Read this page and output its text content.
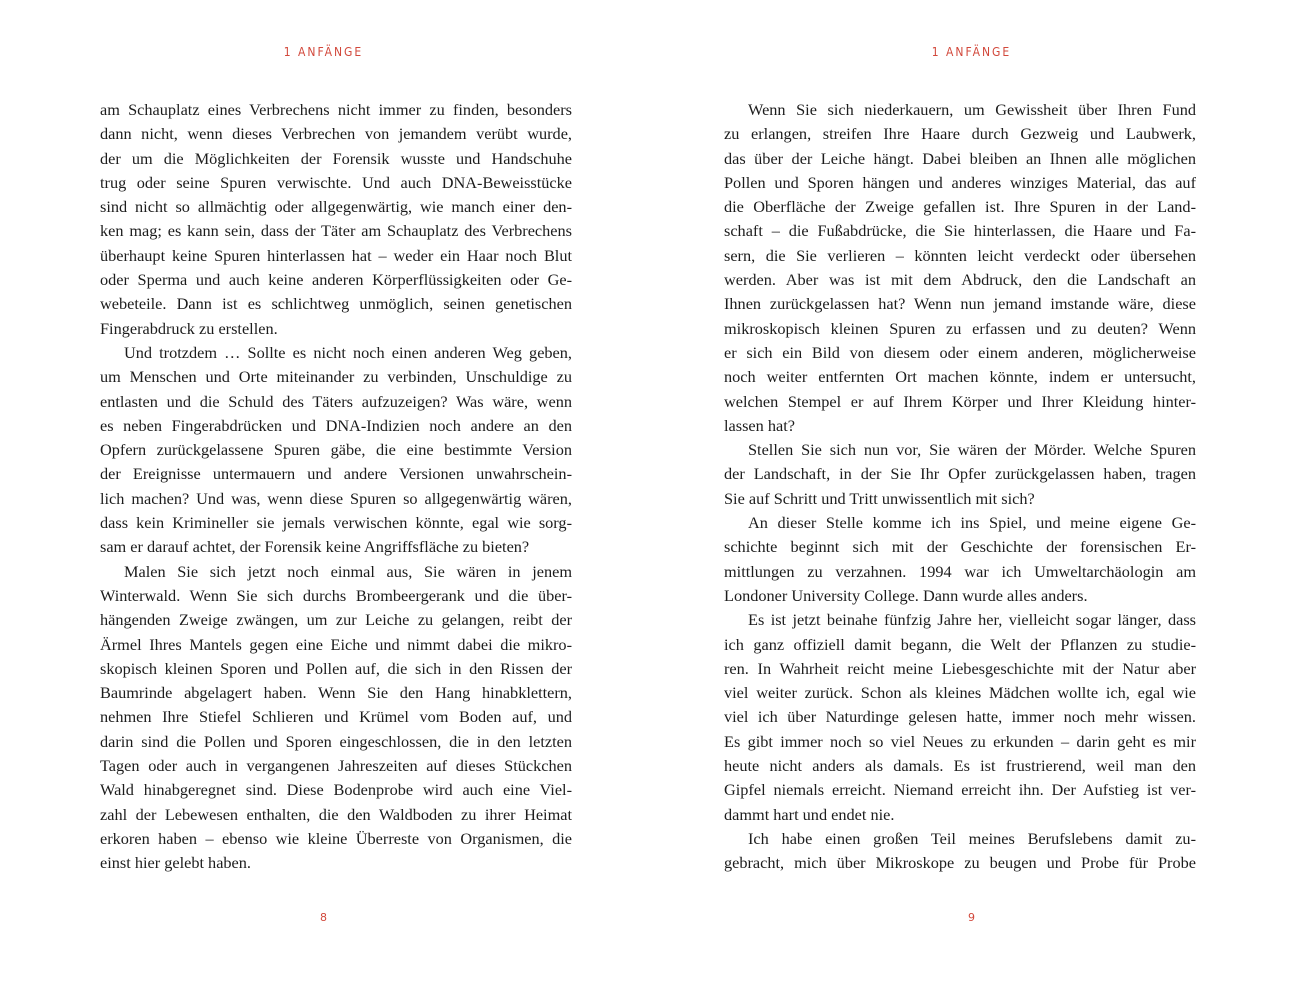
1 ANFÄNGE
am Schauplatz eines Verbrechens nicht immer zu finden, besonders
dann nicht, wenn dieses Verbrechen von jemandem verübt wurde,
der um die Möglichkeiten der Forensik wusste und Handschuhe
trug oder seine Spuren verwischte. Und auch DNA-Beweisstücke
sind nicht so allmächtig oder allgegenwärtig, wie manch einer den-
ken mag; es kann sein, dass der Täter am Schauplatz des Verbrechens
überhaupt keine Spuren hinterlassen hat – weder ein Haar noch Blut
oder Sperma und auch keine anderen Körperflüssigkeiten oder Ge-
webeteile. Dann ist es schlichtweg unmöglich, seinen genetischen
Fingerabdruck zu erstellen.
Und trotzdem … Sollte es nicht noch einen anderen Weg geben,
um Menschen und Orte miteinander zu verbinden, Unschuldige zu
entlasten und die Schuld des Täters aufzuzeigen? Was wäre, wenn
es neben Fingerabdrücken und DNA-Indizien noch andere an den
Opfern zurückgelassene Spuren gäbe, die eine bestimmte Version
der Ereignisse untermauern und andere Versionen unwahrschein-
lich machen? Und was, wenn diese Spuren so allgegenwärtig wären,
dass kein Krimineller sie jemals verwischen könnte, egal wie sorg-
sam er darauf achtet, der Forensik keine Angriffsfläche zu bieten?
Malen Sie sich jetzt noch einmal aus, Sie wären in jenem
Winterwald. Wenn Sie sich durchs Brombeergerank und die über-
hängenden Zweige zwängen, um zur Leiche zu gelangen, reibt der
Ärmel Ihres Mantels gegen eine Eiche und nimmt dabei die mikro-
skopisch kleinen Sporen und Pollen auf, die sich in den Rissen der
Baumrinde abgelagert haben. Wenn Sie den Hang hinabklettern,
nehmen Ihre Stiefel Schlieren und Krümel vom Boden auf, und
darin sind die Pollen und Sporen eingeschlossen, die in den letzten
Tagen oder auch in vergangenen Jahreszeiten auf dieses Stückchen
Wald hinabgeregnet sind. Diese Bodenprobe wird auch eine Viel-
zahl der Lebewesen enthalten, die den Waldboden zu ihrer Heimat
erkoren haben – ebenso wie kleine Überreste von Organismen, die
einst hier gelebt haben.
8
1 ANFÄNGE
Wenn Sie sich niederkauern, um Gewissheit über Ihren Fund
zu erlangen, streifen Ihre Haare durch Gezweig und Laubwerk,
das über der Leiche hängt. Dabei bleiben an Ihnen alle möglichen
Pollen und Sporen hängen und anderes winziges Material, das auf
die Oberfläche der Zweige gefallen ist. Ihre Spuren in der Land-
schaft – die Fußabdrücke, die Sie hinterlassen, die Haare und Fa-
sern, die Sie verlieren – könnten leicht verdeckt oder übersehen
werden. Aber was ist mit dem Abdruck, den die Landschaft an
Ihnen zurückgelassen hat? Wenn nun jemand imstande wäre, diese
mikroskopisch kleinen Spuren zu erfassen und zu deuten? Wenn
er sich ein Bild von diesem oder einem anderen, möglicherweise
noch weiter entfernten Ort machen könnte, indem er untersucht,
welchen Stempel er auf Ihrem Körper und Ihrer Kleidung hinter-
lassen hat?
Stellen Sie sich nun vor, Sie wären der Mörder. Welche Spuren
der Landschaft, in der Sie Ihr Opfer zurückgelassen haben, tragen
Sie auf Schritt und Tritt unwissentlich mit sich?
An dieser Stelle komme ich ins Spiel, und meine eigene Ge-
schichte beginnt sich mit der Geschichte der forensischen Er-
mittlungen zu verzahnen. 1994 war ich Umweltarchäologin am
Londoner University College. Dann wurde alles anders.
Es ist jetzt beinahe fünfzig Jahre her, vielleicht sogar länger, dass
ich ganz offiziell damit begann, die Welt der Pflanzen zu studie-
ren. In Wahrheit reicht meine Liebesgeschichte mit der Natur aber
viel weiter zurück. Schon als kleines Mädchen wollte ich, egal wie
viel ich über Naturdinge gelesen hatte, immer noch mehr wissen.
Es gibt immer noch so viel Neues zu erkunden – darin geht es mir
heute nicht anders als damals. Es ist frustrierend, weil man den
Gipfel niemals erreicht. Niemand erreicht ihn. Der Aufstieg ist ver-
dammt hart und endet nie.
Ich habe einen großen Teil meines Berufslebens damit zu-
gebracht, mich über Mikroskope zu beugen und Probe für Probe
9
